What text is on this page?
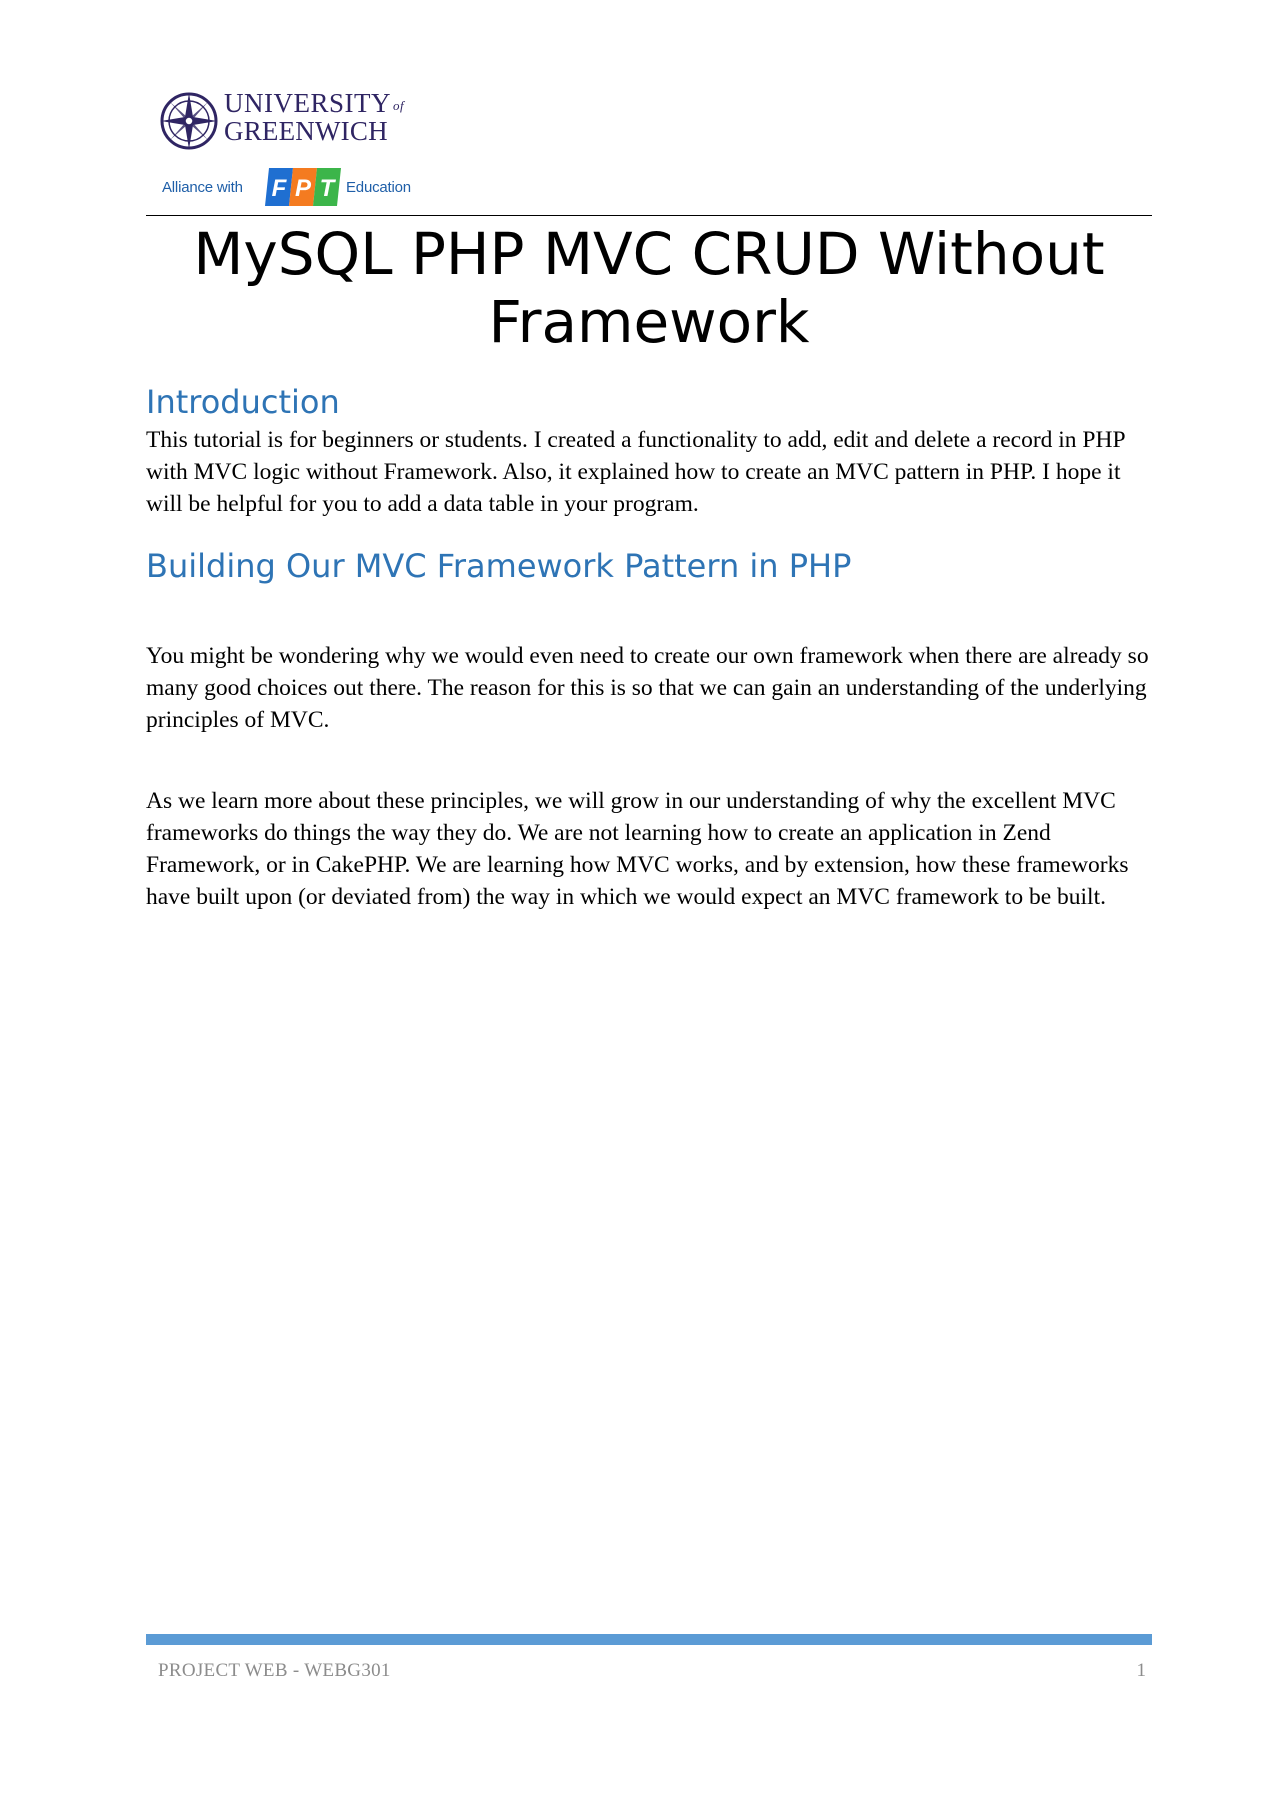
UNIVERSITY of
GREENWICH
Alliance with F P T Education
MySQL PHP MVC CRUD Without Framework
Introduction

This tutorial is for beginners or students. I created a functionality to add, edit and delete a record in PHP with MVC logic without Framework. Also, it explained how to create an MVC pattern in PHP. I hope it will be helpful for you to add a data table in your program.

Building Our MVC Framework Pattern in PHP

You might be wondering why we would even need to create our own framework when there are already so many good choices out there. The reason for this is so that we can gain an understanding of the underlying principles of MVC.

As we learn more about these principles, we will grow in our understanding of why the excellent MVC frameworks do things the way they do. We are not learning how to create an application in Zend Framework, or in CakePHP. We are learning how MVC works, and by extension, how these frameworks have built upon (or deviated from) the way in which we would expect an MVC framework to be built.

PROJECT WEB - WEBG301	1
